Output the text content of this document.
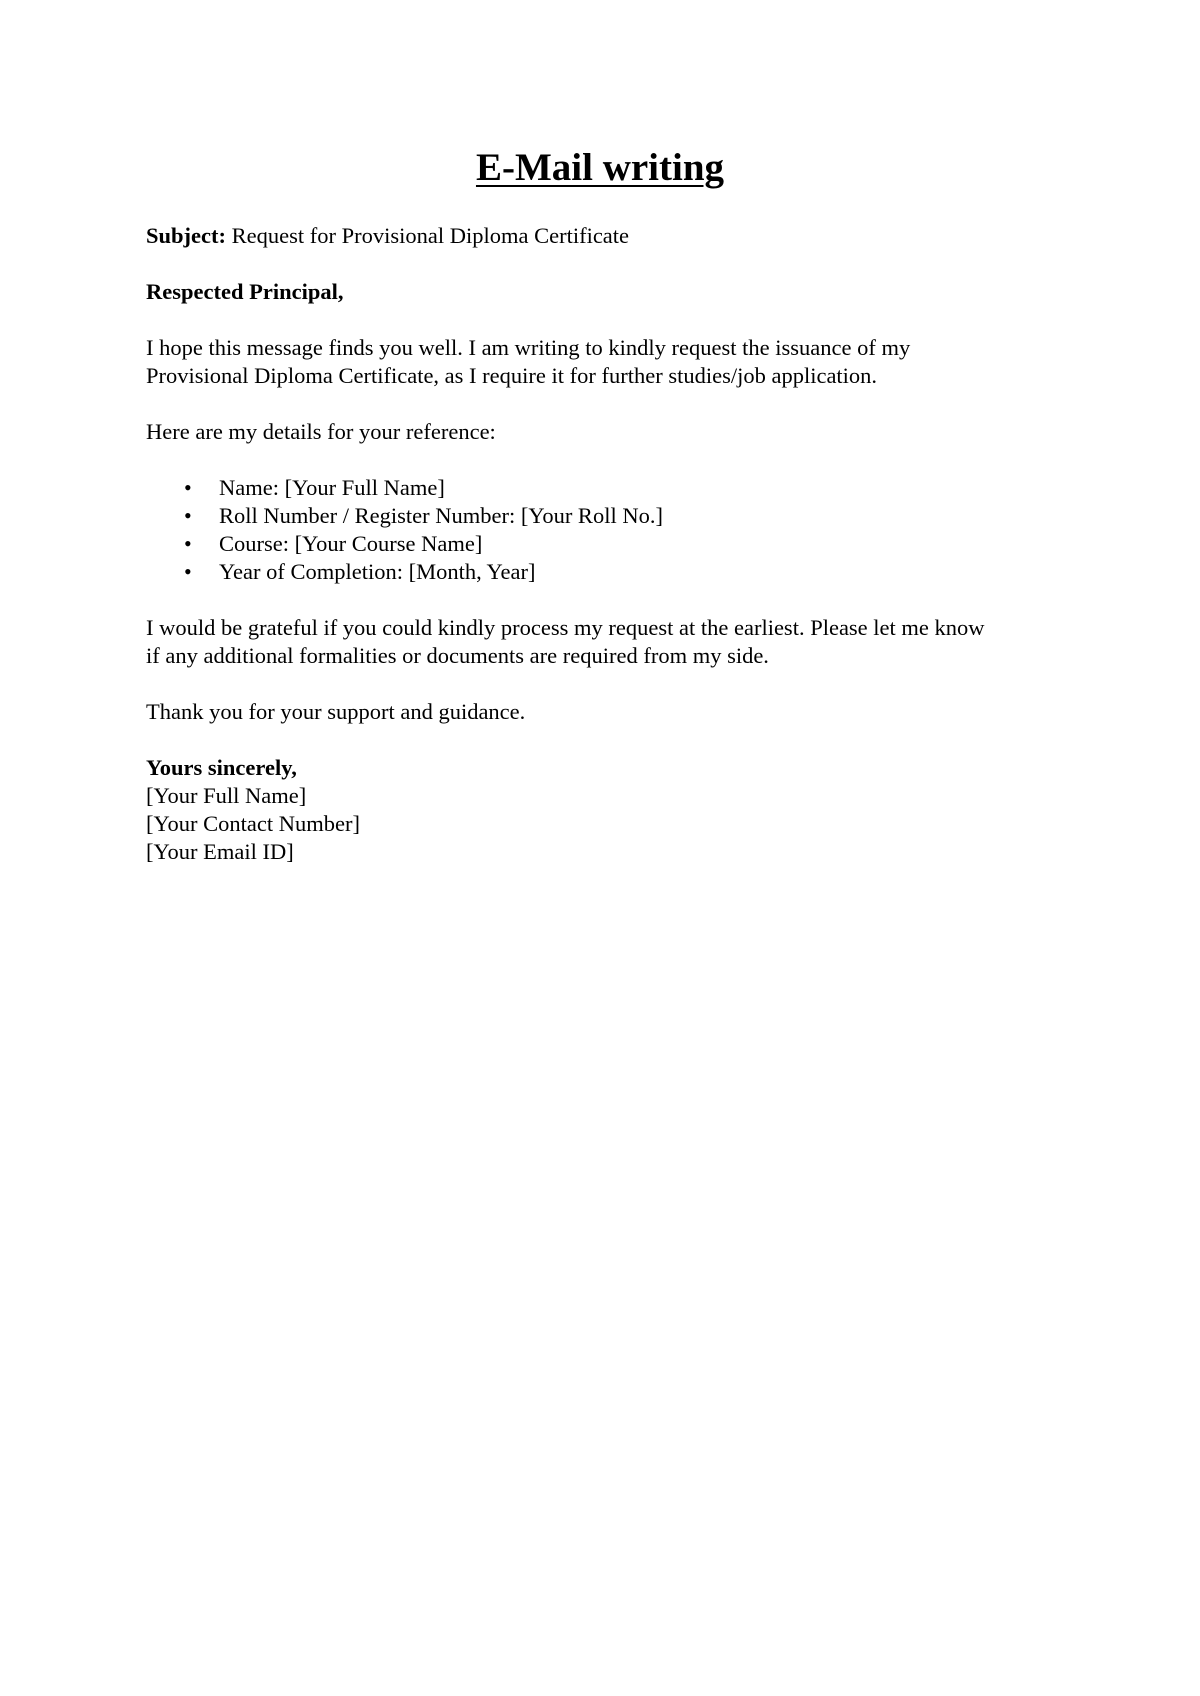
E-Mail writing

Subject: Request for Provisional Diploma Certificate

Respected Principal,

I hope this message finds you well. I am writing to kindly request the issuance of my
Provisional Diploma Certificate, as I require it for further studies/job application.

Here are my details for your reference:

• Name: [Your Full Name]
• Roll Number / Register Number: [Your Roll No.]
• Course: [Your Course Name]
• Year of Completion: [Month, Year]

I would be grateful if you could kindly process my request at the earliest. Please let me know
if any additional formalities or documents are required from my side.

Thank you for your support and guidance.

Yours sincerely,
[Your Full Name]
[Your Contact Number]
[Your Email ID]
